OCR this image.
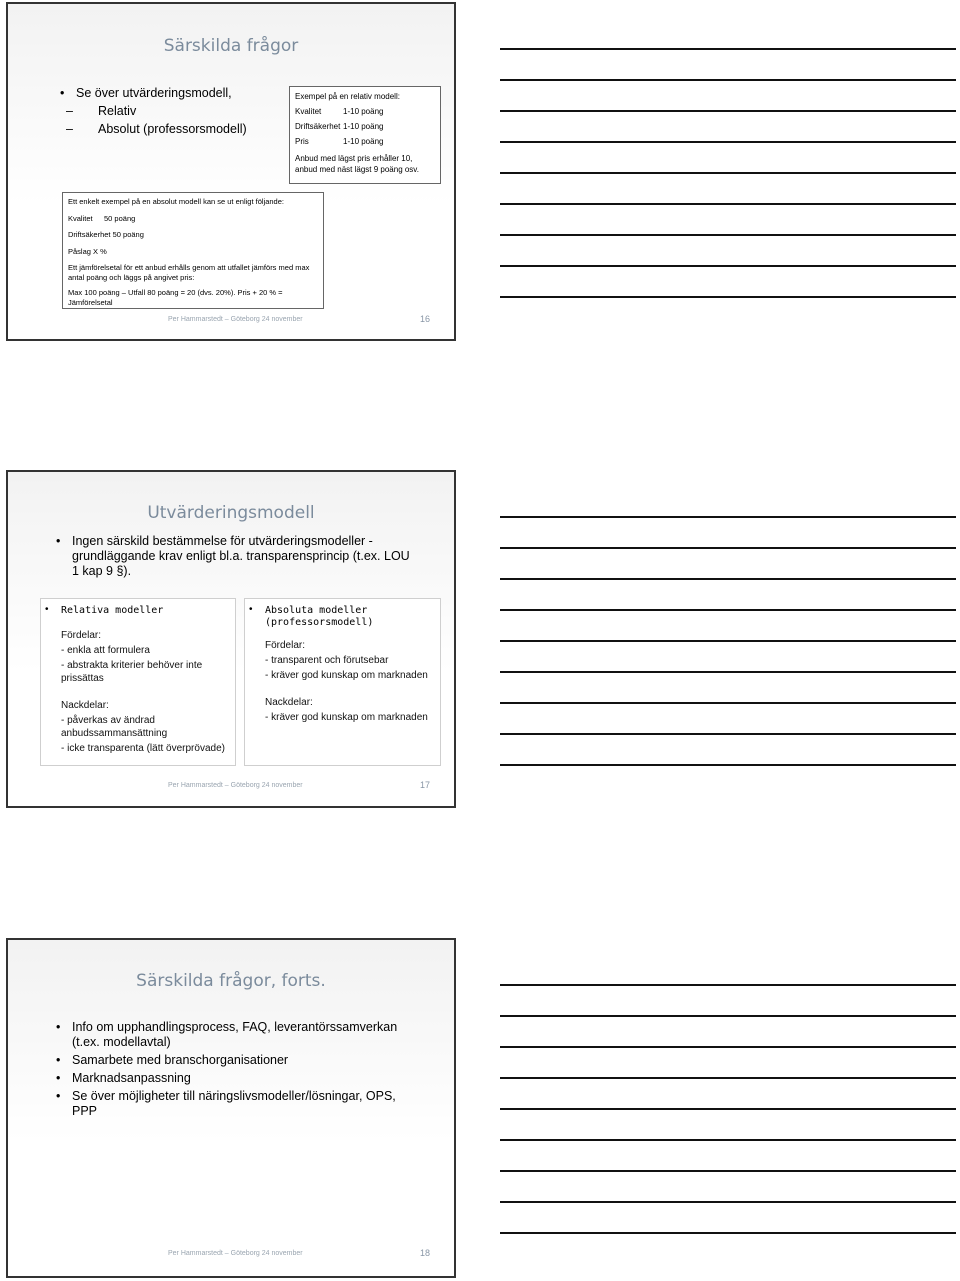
Särskilda frågor
• Se över utvärderingsmodell,
– Relativ
– Absolut (professorsmodell)
Exempel på en relativ modell:
Kvalitet	1-10 poäng
Driftsäkerhet 1-10 poäng
Pris	1-10 poäng
Anbud med lägst pris erhåller 10, anbud med näst lägst 9 poäng osv.
Ett enkelt exempel på en absolut modell kan se ut enligt följande:
Kvalitet 50 poäng
Driftsäkerhet 50 poäng
Påslag X %
Ett jämförelsetal för ett anbud erhålls genom att utfallet jämförs med max antal poäng och läggs på angivet pris:
Max 100 poäng – Utfall 80 poäng = 20 (dvs. 20%). Pris + 20 % = Jämförelsetal
Per Hammarstedt – Göteborg 24 november	16
Utvärderingsmodell
• Ingen särskild bestämmelse för utvärderingsmodeller - grundläggande krav enligt bl.a. transparensprincip (t.ex. LOU 1 kap 9 §).
• Relativa modeller
Fördelar:
- enkla att formulera
- abstrakta kriterier behöver inte prissättas
Nackdelar:
- påverkas av ändrad anbudssammansättning
- icke transparenta (lätt överprövade)
• Absoluta modeller (professorsmodell)
Fördelar:
- transparent och förutsebar
- kräver god kunskap om marknaden
Nackdelar:
- kräver god kunskap om marknaden
Per Hammarstedt – Göteborg 24 november	17
Särskilda frågor, forts.
• Info om upphandlingsprocess, FAQ, leverantörssamverkan (t.ex. modellavtal)
• Samarbete med branschorganisationer
• Marknadsanpassning
• Se över möjligheter till näringslivsmodeller/lösningar, OPS, PPP
Per Hammarstedt – Göteborg 24 november	18
